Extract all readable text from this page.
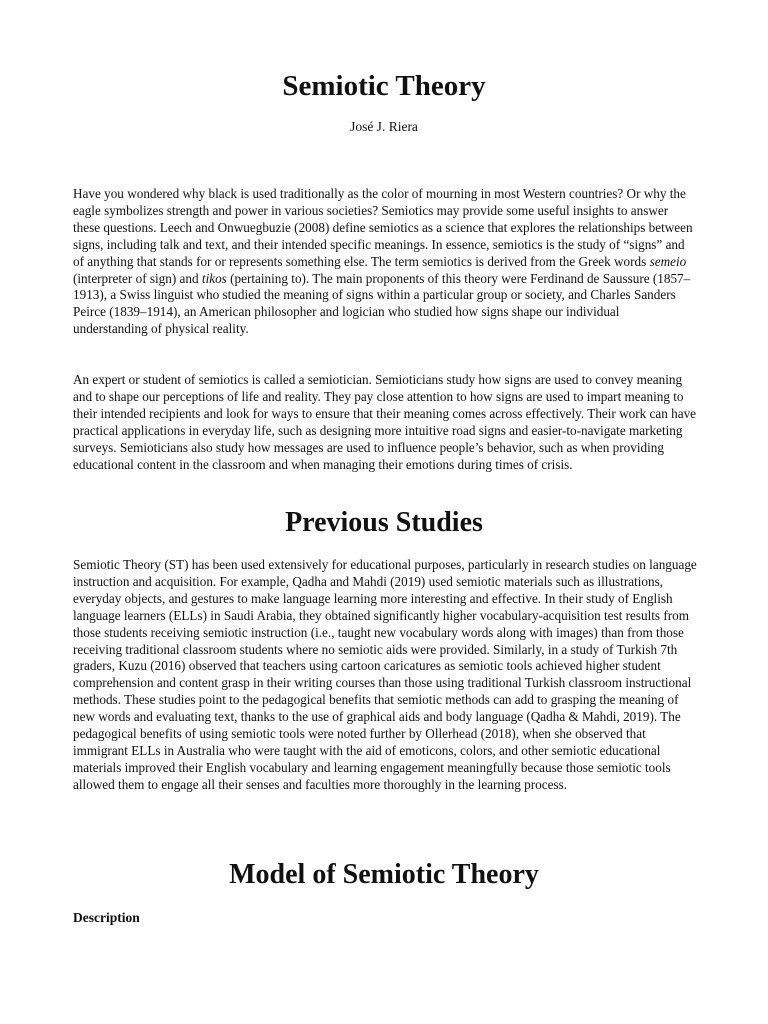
Semiotic Theory

José J. Riera

Have you wondered why black is used traditionally as the color of mourning in most Western countries? Or why the eagle symbolizes strength and power in various societies? Semiotics may provide some useful insights to answer these questions. Leech and Onwuegbuzie (2008) define semiotics as a science that explores the relationships between signs, including talk and text, and their intended specific meanings. In essence, semiotics is the study of “signs” and of anything that stands for or represents something else. The term semiotics is derived from the Greek words semeio (interpreter of sign) and tikos (pertaining to). The main proponents of this theory were Ferdinand de Saussure (1857–1913), a Swiss linguist who studied the meaning of signs within a particular group or society, and Charles Sanders Peirce (1839–1914), an American philosopher and logician who studied how signs shape our individual understanding of physical reality.

An expert or student of semiotics is called a semiotician. Semioticians study how signs are used to convey meaning and to shape our perceptions of life and reality. They pay close attention to how signs are used to impart meaning to their intended recipients and look for ways to ensure that their meaning comes across effectively. Their work can have practical applications in everyday life, such as designing more intuitive road signs and easier-to-navigate marketing surveys. Semioticians also study how messages are used to influence people’s behavior, such as when providing educational content in the classroom and when managing their emotions during times of crisis.

Previous Studies

Semiotic Theory (ST) has been used extensively for educational purposes, particularly in research studies on language instruction and acquisition. For example, Qadha and Mahdi (2019) used semiotic materials such as illustrations, everyday objects, and gestures to make language learning more interesting and effective. In their study of English language learners (ELLs) in Saudi Arabia, they obtained significantly higher vocabulary-acquisition test results from those students receiving semiotic instruction (i.e., taught new vocabulary words along with images) than from those receiving traditional classroom students where no semiotic aids were provided. Similarly, in a study of Turkish 7th graders, Kuzu (2016) observed that teachers using cartoon caricatures as semiotic tools achieved higher student comprehension and content grasp in their writing courses than those using traditional Turkish classroom instructional methods. These studies point to the pedagogical benefits that semiotic methods can add to grasping the meaning of new words and evaluating text, thanks to the use of graphical aids and body language (Qadha & Mahdi, 2019). The pedagogical benefits of using semiotic tools were noted further by Ollerhead (2018), when she observed that immigrant ELLs in Australia who were taught with the aid of emoticons, colors, and other semiotic educational materials improved their English vocabulary and learning engagement meaningfully because those semiotic tools allowed them to engage all their senses and faculties more thoroughly in the learning process.

Model of Semiotic Theory

Description
